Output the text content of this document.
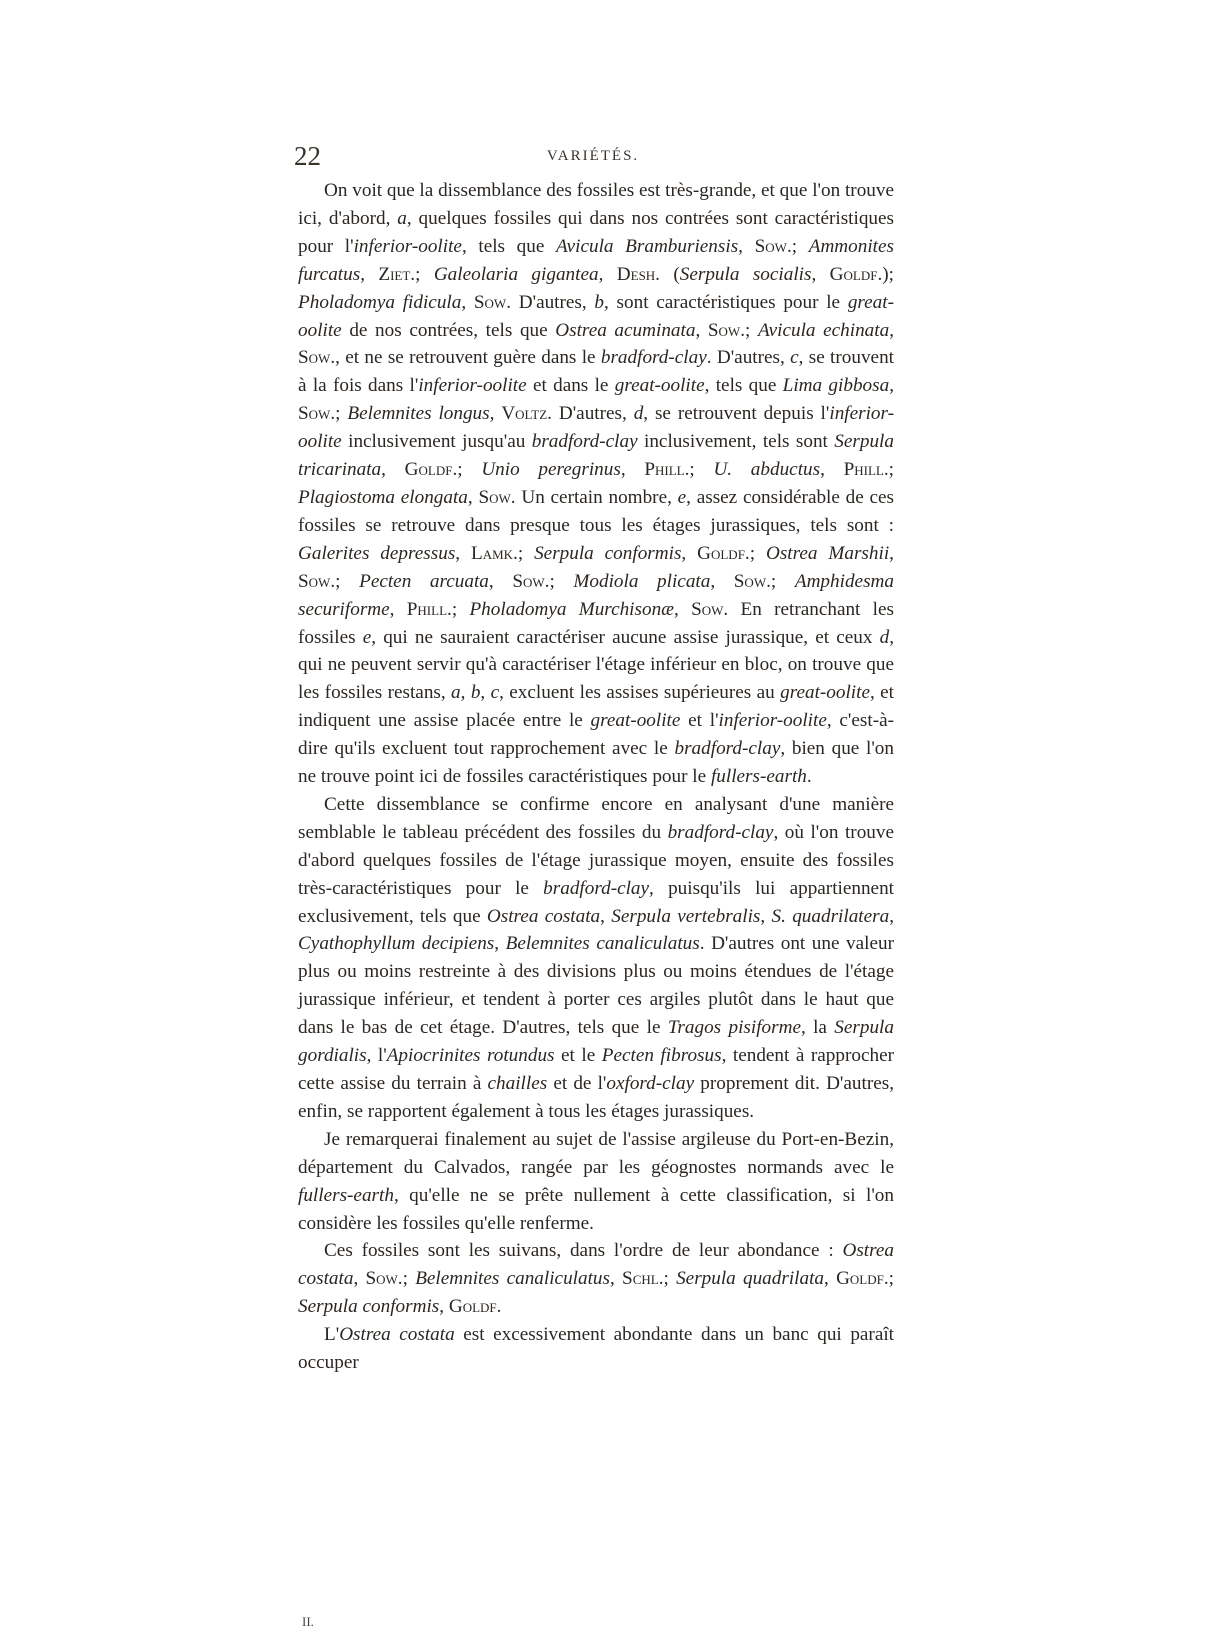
22	VARIÉTÉS.

On voit que la dissemblance des fossiles est très-grande, et que l'on trouve ici, d'abord, a, quelques fossiles qui dans nos contrées sont caractéristiques pour l'inferior-oolite, tels que Avicula Bramburiensis, Sow.; Ammonites furcatus, Ziet.; Galeolaria gigantea, Desh. (Serpula socialis, Goldf.); Pholadomya fidicula, Sow. D'autres, b, sont caractéristiques pour le great-oolite de nos contrées, tels que Ostrea acuminata, Sow.; Avicula echinata, Sow., et ne se retrouvent guère dans le bradford-clay. D'autres, c, se trouvent à la fois dans l'inferior-oolite et dans le great-oolite, tels que Lima gibbosa, Sow.; Belemnites longus, Voltz. D'autres, d, se retrouvent depuis l'inferior-oolite inclusivement jusqu'au bradford-clay inclusivement, tels sont Serpula tricarinata, Goldf.; Unio peregrinus, Phill.; U. abductus, Phill.; Plagiostoma elongata, Sow. Un certain nombre, e, assez considérable de ces fossiles se retrouve dans presque tous les étages jurassiques, tels sont : Galerites depressus, Lamk.; Serpula conformis, Goldf.; Ostrea Marshii, Sow.; Pecten arcuata, Sow.; Modiola plicata, Sow.; Amphidesma securiforme, Phill.; Pholadomya Murchisonæ, Sow. En retranchant les fossiles e, qui ne sauraient caractériser aucune assise jurassique, et ceux d, qui ne peuvent servir qu'à caractériser l'étage inférieur en bloc, on trouve que les fossiles restans, a, b, c, excluent les assises supérieures au great-oolite, et indiquent une assise placée entre le great-oolite et l'inferior-oolite, c'est-à-dire qu'ils excluent tout rapprochement avec le bradford-clay, bien que l'on ne trouve point ici de fossiles caractéristiques pour le fullers-earth.

Cette dissemblance se confirme encore en analysant d'une manière semblable le tableau précédent des fossiles du bradford-clay, où l'on trouve d'abord quelques fossiles de l'étage jurassique moyen, ensuite des fossiles très-caractéristiques pour le bradford-clay, puisqu'ils lui appartiennent exclusivement, tels que Ostrea costata, Serpula vertebralis, S. quadrilatera, Cyathophyllum decipiens, Belemnites canaliculatus. D'autres ont une valeur plus ou moins restreinte à des divisions plus ou moins étendues de l'étage jurassique inférieur, et tendent à porter ces argiles plutôt dans le haut que dans le bas de cet étage. D'autres, tels que le Tragos pisiforme, la Serpula gordialis, l'Apiocrinites rotundus et le Pecten fibrosus, tendent à rapprocher cette assise du terrain à chailles et de l'oxford-clay proprement dit. D'autres, enfin, se rapportent également à tous les étages jurassiques.

Je remarquerai finalement au sujet de l'assise argileuse du Port-en-Bezin, département du Calvados, rangée par les géognostes normands avec le fullers-earth, qu'elle ne se prête nullement à cette classification, si l'on considère les fossiles qu'elle renferme.

Ces fossiles sont les suivans, dans l'ordre de leur abondance : Ostrea costata, Sow.; Belemnites canaliculatus, Schl.; Serpula quadrilata, Goldf.; Serpula conformis, Goldf.

L'Ostrea costata est excessivement abondante dans un banc qui paraît occuper

II.
